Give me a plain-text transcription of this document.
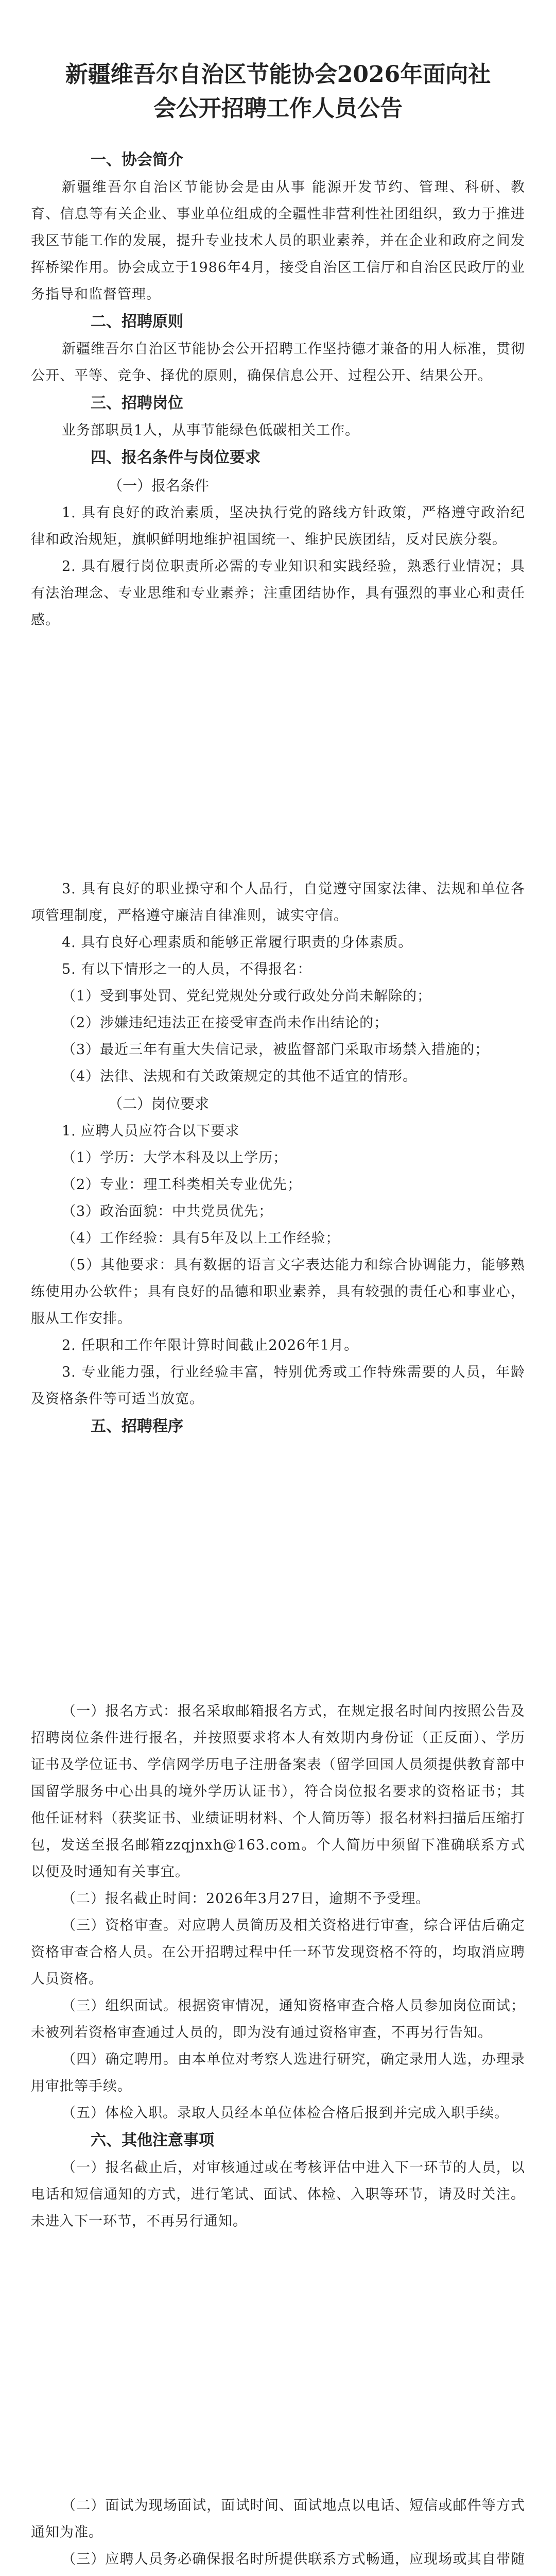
新疆维吾尔自治区节能协会2026年面向社
会公开招聘工作人员公告
一、协会简介
新疆维吾尔自治区节能协会是由从事 能源开发节约、管理、科研、教育、信息等有关企业、事业单位组成的全疆性非营利性社团组织，致力于推进我区节能工作的发展，提升专业技术人员的职业素养，并在企业和政府之间发挥桥梁作用。协会成立于1986年4月，接受自治区工信厅和自治区民政厅的业务指导和监督管理。
二、招聘原则
新疆维吾尔自治区节能协会公开招聘工作坚持德才兼备的用人标准，贯彻公开、平等、竞争、择优的原则，确保信息公开、过程公开、结果公开。
三、招聘岗位
业务部职员1人，从事节能绿色低碳相关工作。
四、报名条件与岗位要求
（一）报名条件
1. 具有良好的政治素质，坚决执行党的路线方针政策，严格遵守政治纪律和政治规矩，旗帜鲜明地维护祖国统一、维护民族团结，反对民族分裂。
2. 具有履行岗位职责所必需的专业知识和实践经验，熟悉行业情况；具有法治理念、专业思维和专业素养；注重团结协作，具有强烈的事业心和责任感。
3. 具有良好的职业操守和个人品行，自觉遵守国家法律、法规和单位各项管理制度，严格遵守廉洁自律准则，诚实守信。
4. 具有良好心理素质和能够正常履行职责的身体素质。
5. 有以下情形之一的人员，不得报名：
（1）受到事处罚、党纪党规处分或行政处分尚未解除的；
（2）涉嫌违纪违法正在接受审查尚未作出结论的；
（3）最近三年有重大失信记录，被监督部门采取市场禁入措施的；
（4）法律、法规和有关政策规定的其他不适宜的情形。
（二）岗位要求
1. 应聘人员应符合以下要求
（1）学历：大学本科及以上学历；
（2）专业：理工科类相关专业优先；
（3）政治面貌：中共党员优先；
（4）工作经验：具有5年及以上工作经验；
（5）其他要求：具有数据的语言文字表达能力和综合协调能力，能够熟练使用办公软件；具有良好的品德和职业素养，具有较强的责任心和事业心，服从工作安排。
2. 任职和工作年限计算时间截止2026年1月。
3. 专业能力强，行业经验丰富，特别优秀或工作特殊需要的人员，年龄及资格条件等可适当放宽。
五、招聘程序
（一）报名方式：报名采取邮箱报名方式，在规定报名时间内按照公告及招聘岗位条件进行报名，并按照要求将本人有效期内身份证（正反面）、学历证书及学位证书、学信网学历电子注册备案表（留学回国人员须提供教育部中国留学服务中心出具的境外学历认证书），符合岗位报名要求的资格证书；其他任证材料（获奖证书、业绩证明材料、个人简历等）报名材料扫描后压缩打包，发送至报名邮箱zzqjnxh@163.com。个人简历中须留下准确联系方式以便及时通知有关事宜。
（二）报名截止时间：2026年3月27日，逾期不予受理。
（三）资格审查。对应聘人员简历及相关资格进行审查，综合评估后确定资格审查合格人员。在公开招聘过程中任一环节发现资格不符的，均取消应聘人员资格。
（三）组织面试。根据资审情况，通知资格审查合格人员参加岗位面试；未被列若资格审查通过人员的，即为没有通过资格审查，不再另行告知。
（四）确定聘用。由本单位对考察人选进行研究，确定录用人选，办理录用审批等手续。
（五）体检入职。录取人员经本单位体检合格后报到并完成入职手续。
六、其他注意事项
（一）报名截止后，对审核通过或在考核评估中进入下一环节的人员，以电话和短信通知的方式，进行笔试、面试、体检、入职等环节，请及时关注。未进入下一环节，不再另行通知。
（二）面试为现场面试，面试时间、面试地点以电话、短信或邮件等方式通知为准。
（三）应聘人员务必确保报名时所提供联系方式畅通，应现场或其自带随
